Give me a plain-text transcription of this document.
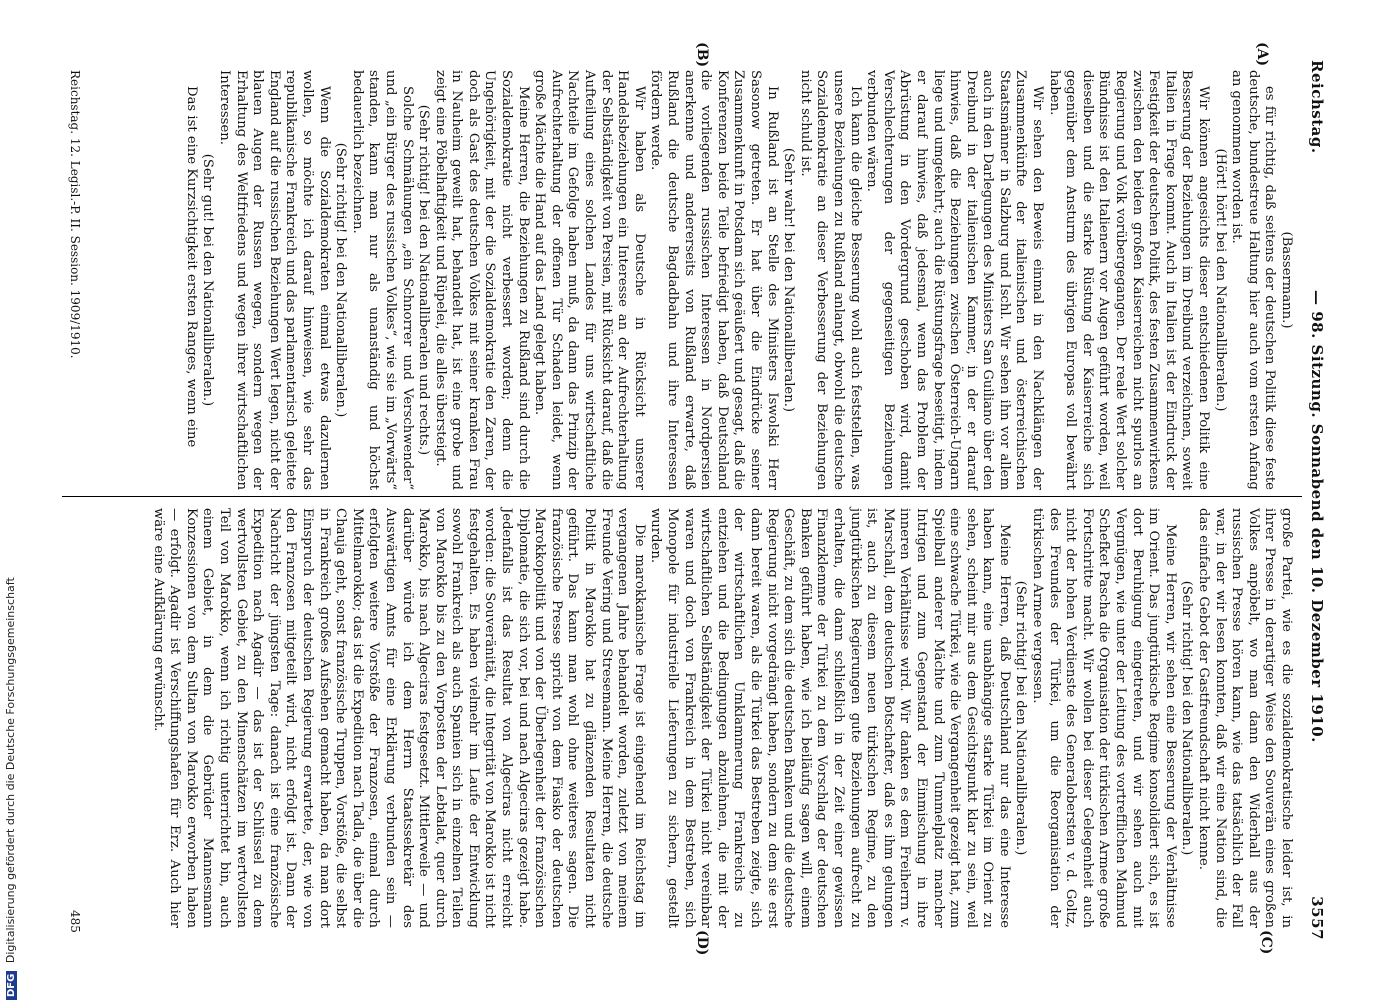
Reichstag.
— 98. Sitzung. Sonnabend den 10. Dezember 1910.
3557
(A)
(B)
(C)
(D)

(Bassermann.)

es für richtig, daß seitens der deutschen Politik diese feste deutsche, bundestreue Haltung hier auch vom ersten Anfang an genommen worden ist.

(Hört! hört! bei den Nationalliberalen.)

Wir können angesichts dieser entschiedenen Politik eine Besserung der Beziehungen im Dreibund verzeichnen, soweit Italien in Frage kommt. Auch in Italien ist der Eindruck der Festigkeit der deutschen Politik, des festen Zusammenwirkens zwischen den beiden großen Kaiserreichen nicht spurlos an Regierung und Volk vorübergegangen. Der reale Wert solcher Bündnisse ist den Italienern vor Augen geführt worden, weil dieselben und die starke Rüstung der Kaiserreiche sich gegenüber dem Ansturm des übrigen Europas voll bewährt haben.

Wir sehen den Beweis einmal in den Nachklängen der Zusammenkünfte der italienischen und österreichischen Staatsmänner in Salzburg und Ischl. Wir sehen ihn vor allem auch in den Darlegungen des Ministers San Guiliano über den Dreibund in der italienischen Kammer, in der er darauf hinwies, daß die Beziehungen zwischen Österreich-Ungarn liege und umgekehrt; auch die Rüstungsfrage beseitigt, indem er darauf hinwies, daß jedesmal, wenn das Problem der Abrüstung in den Vordergrund geschoben wird, damit Verschlechterungen der gegenseitigen Beziehungen verbunden wären.

Ich kann die gleiche Besserung wohl auch feststellen, was unsere Beziehungen zu Rußland anlangt, obwohl die deutsche Sozialdemokratie an dieser Verbesserung der Beziehungen nicht schuld ist.

(Sehr wahr! bei den Nationalliberalen.)

In Rußland ist an Stelle des Ministers Iswolski Herr Sasonow getreten. Er hat über die Eindrücke seiner Zusammenkunft in Potsdam sich geäußert und gesagt, daß die Konferenzen beide Teile befriedigt haben, daß Deutschland die vorliegenden russischen Interessen in Nordpersien anerkenne und andererseits von Rußland erwarte, daß Rußland die deutsche Bagdadbahn und ihre Interessen fördern werde.

Wir haben als Deutsche in Rücksicht unserer Handelsbeziehungen ein Interesse an der Aufrechterhaltung der Selbständigkeit von Persien, mit Rücksicht darauf, daß die Aufteilung eines solchen Landes für uns wirtschaftliche Nachteile im Gefolge haben muß, da dann das Prinzip der Aufrechterhaltung der offenen Tür Schaden leidet, wenn große Mächte die Hand auf das Land gelegt haben.

Meine Herren, die Beziehungen zu Rußland sind durch die Sozialdemokratie nicht verbessert worden; denn die Ungehörigkeit, mit der die Sozialdemokratie den Zaren, der doch als Gast des deutschen Volkes mit seiner kranken Frau in Nauheim geweilt hat, behandelt hat, ist eine grobe und zeigt eine Pöbelhaftigkeit und Rüpelei, die alles übersteigt.

(Sehr richtig! bei den Nationalliberalen und rechts.)

Solche Schmähungen „ein Schnorrer und Verschwender“ und „ein Bürger des russischen Volkes“, wie sie im „Vorwärts“ standen, kann man nur als unanständig und höchst bedauerlich bezeichnen.

(Sehr richtig! bei den Nationalliberalen.)

Wenn die Sozialdemokraten einmal etwas dazulernen wollen, so möchte ich darauf hinweisen, wie sehr das republikanische Frankreich und das parlamentarisch geleitete England auf die russischen Beziehungen Wert legen, nicht der blauen Augen der Russen wegen, sondern wegen der Erhaltung des Weltfriedens und wegen ihrer wirtschaftlichen Interessen.

(Sehr gut! bei den Nationalliberalen.)

Das ist eine Kurzsichtigkeit ersten Ranges, wenn eine

große Partei, wie es die sozialdemokratische leider ist, in ihrer Presse in derartiger Weise den Souverän eines großen Volkes anpöbelt, wo man dann den Widerhall aus der russischen Presse hören kann, wie das tatsächlich der Fall war, in der wir lesen konnten, daß wir eine Nation sind, die das einfache Gebot der Gastfreundschaft nicht kenne.

(Sehr richtig! bei den Nationalliberalen.)

Meine Herren, wir sehen eine Besserung der Verhältnisse im Orient. Das jungtürkische Regime konsolidiert sich, es ist dort Beruhigung eingetreten, und wir sehen auch mit Vergnügen, wie unter der Leitung des vortrefflichen Mahmud Schefket Pascha die Organisation der türkischen Armee große Fortschritte macht. Wir wollen bei dieser Gelegenheit auch nicht der hohen Verdienste des Generalobersten v. d. Goltz, des Freundes der Türkei, um die Reorganisation der türkischen Armee vergessen.

(Sehr richtig! bei den Nationalliberalen.)

Meine Herren, daß Deutschland nur das eine Interesse haben kann, eine unabhängige starke Türkei im Orient zu sehen, scheint mir aus dem Gesichtspunkt klar zu sein, weil eine schwache Türkei, wie die Vergangenheit gezeigt hat, zum Spielball anderer Mächte und zum Tummelplatz mancher Intrigen und zum Gegenstand der Einmischung in ihre inneren Verhältnisse wird. Wir danken es dem Freiherrn v. Marschall, dem deutschen Botschafter, daß es ihm gelungen ist, auch zu diesem neuen türkischen Regime, zu den jungtürkischen Regierungen gute Beziehungen aufrecht zu erhalten, die dann schließlich in der Zeit einer gewissen Finanzklemme der Türkei zu dem Vorschlag der deutschen Banken geführt haben, wie ich beiläufig sagen will, einem Geschäft, zu dem sich die deutschen Banken und die deutsche Regierung nicht vorgedrängt haben, sondern zu dem sie erst dann bereit waren, als die Türkei das Bestreben zeigte, sich der wirtschaftlichen Umklammerung Frankreichs zu entziehen und die Bedingungen abzulehnen, die mit der wirtschaftlichen Selbständigkeit der Türkei nicht vereinbar waren und doch von Frankreich in dem Bestreben, sich Monopole für industrielle Lieferungen zu sichern, gestellt wurden.

Die marokkanische Frage ist eingehend im Reichstag im vergangenen Jahre behandelt worden, zuletzt von meinem Freunde Vering und Stresemann. Meine Herren, die deutsche Politik in Marokko hat zu glänzenden Resultaten nicht geführt. Das kann man wohl ohne weiteres sagen. Die französische Presse spricht von dem Fiasko der deutschen Marokkopolitik und von der Überlegenheit der französischen Diplomatie, die sich vor, bei und nach Algeciras gezeigt habe. Jedenfalls ist das Resultat von Algeciras nicht erreicht worden: die Souveränität, die Integrität von Marokko ist nicht festgehalten. Es haben vielmehr im Laufe der Entwicklung sowohl Frankreich als auch Spanien sich in einzelnen Teilen von Marokko bis zu den Vorposten der Lebtalat, quer durch Marokko, bis nach Algeciras festgesetzt. Mittlerweile — und darüber würde ich dem Herrn Staatssekretär des Auswärtigen Amts für eine Erklärung verbunden sein — erfolgten weitere Vorstöße der Franzosen, einmal durch Mittelmarokko; das ist die Expedition nach Tadla, die über die Chauja geht, sonst französische Truppen, Vorstöße, die selbst in Frankreich großes Aufsehen gemacht haben, da man dort Einspruch der deutschen Regierung erwartete, der, wie von den Franzosen mitgeteilt wird, nicht erfolgt ist. Dann der Nachricht der jüngsten Tage: danach ist eine französische Expedition nach Agadir — das ist der Schlüssel zu dem wertvollsten Gebiet, zu den Minenschätzen im wertvollsten Teil von Marokko, wenn ich richtig unterrichtet bin, auch einem Gebiet, in dem die Gebrüder Mannesmann Konzessionen von dem Sultan von Marokko erworben haben — erfolgt. Agadir ist Verschiffungshafen für Erz. Auch hier wäre eine Aufklärung erwünscht.

Reichstag. 12. Legisl.-P. II. Session. 1909/1910.
485
DFG Digitalisierung gefördert durch die Deutsche Forschungsgemeinschaft
